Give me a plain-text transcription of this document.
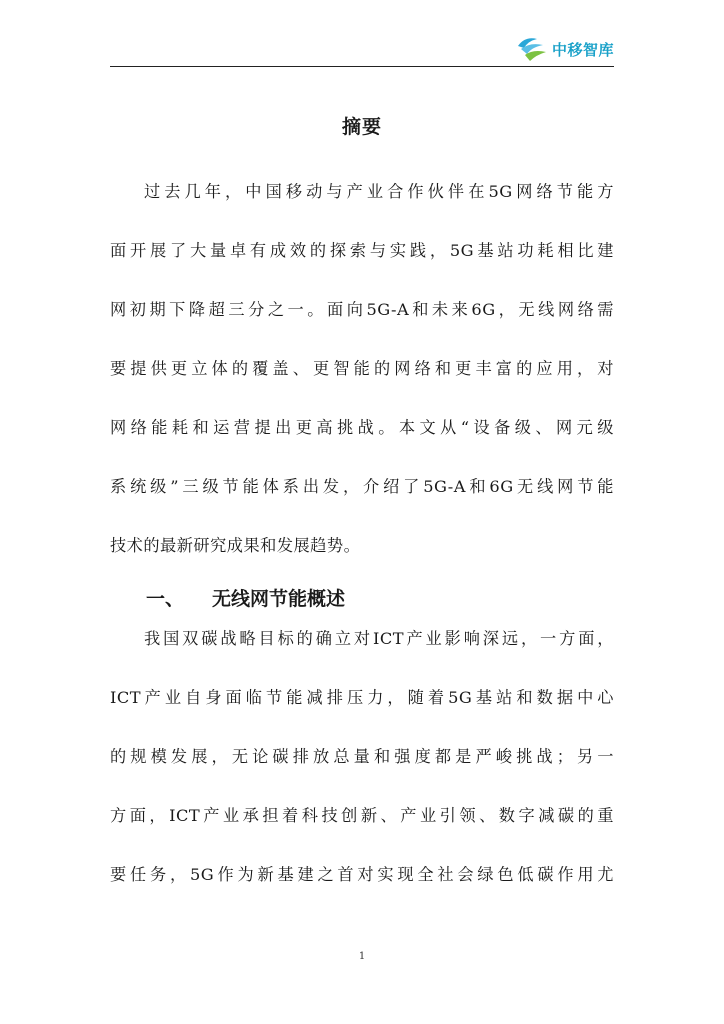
中移智库
摘要
过去几年，中国移动与产业合作伙伴在5G网络节能方
面开展了大量卓有成效的探索与实践，5G基站功耗相比建
网初期下降超三分之一。面向5G-A和未来6G，无线网络需
要提供更立体的覆盖、更智能的网络和更丰富的应用，对
网络能耗和运营提出更高挑战。本文从“设备级、网元级
系统级”三级节能体系出发，介绍了5G-A和6G无线网节能
技术的最新研究成果和发展趋势。
一、	无线网节能概述
我国双碳战略目标的确立对ICT产业影响深远，一方面，
ICT产业自身面临节能减排压力，随着5G基站和数据中心
的规模发展，无论碳排放总量和强度都是严峻挑战；另一
方面，ICT产业承担着科技创新、产业引领、数字减碳的重
要任务，5G作为新基建之首对实现全社会绿色低碳作用尤
1
